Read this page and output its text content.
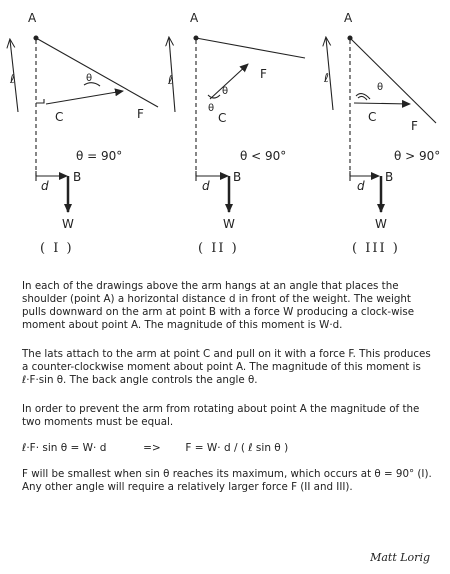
A
ℓ	θ
F
C
θ = 90°
d
B
W
( I )
A
ℓ
θ
θ
F
C
θ < 90°
d
B
W
( II )
A
ℓ
θ
F
C
θ > 90°
d
B
W
( III )

In each of the drawings above the arm hangs at an angle that places the shoulder (point A) a horizontal distance d in front of the weight. The weight pulls downward on the arm at point B with a force W producing a clock-wise moment about point A. The magnitude of this moment is W·d.

The lats attach to the arm at point C and pull on it with a force F. This produces a counter-clockwise moment about point A. The magnitude of this moment is ℓ·F·sin θ. The back angle controls the angle θ.

In order to prevent the arm from rotating about point A the magnitude of the two moments must be equal.

ℓ·F· sin θ = W· d	=> F = W· d / ( ℓ sin θ )

F will be smallest when sin θ reaches its maximum, which occurs at θ = 90° (I). Any other angle will require a relatively larger force F (II and III).

Matt Lorig
